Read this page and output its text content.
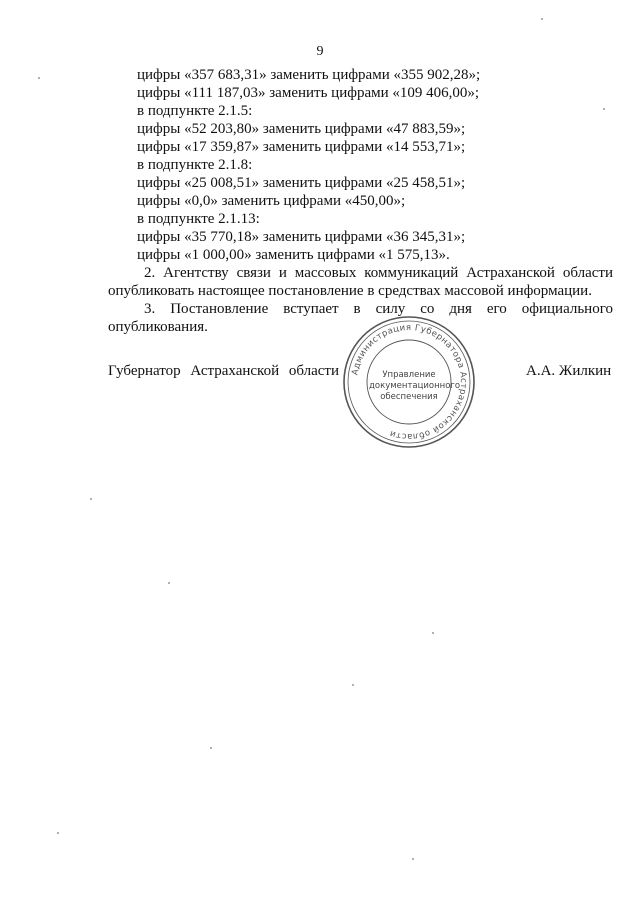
9
цифры «357 683,31» заменить цифрами «355 902,28»;
цифры «111 187,03» заменить цифрами «109 406,00»;
в подпункте 2.1.5:
цифры «52 203,80» заменить цифрами «47 883,59»;
цифры «17 359,87» заменить цифрами «14 553,71»;
в подпункте 2.1.8:
цифры «25 008,51» заменить цифрами «25 458,51»;
цифры «0,0» заменить цифрами «450,00»;
в подпункте 2.1.13:
цифры «35 770,18» заменить цифрами «36 345,31»;
цифры «1 000,00» заменить цифрами «1 575,13».
2. Агентству связи и массовых коммуникаций Астраханской области опубликовать настоящее постановление в средствах массовой информации.
3. Постановление вступает в силу со дня его официального опубликования.
Губернатор Астраханской области Администрация Губернатора Астраханской области
Управление
документационного
обеспечения
А.А. Жилкин
